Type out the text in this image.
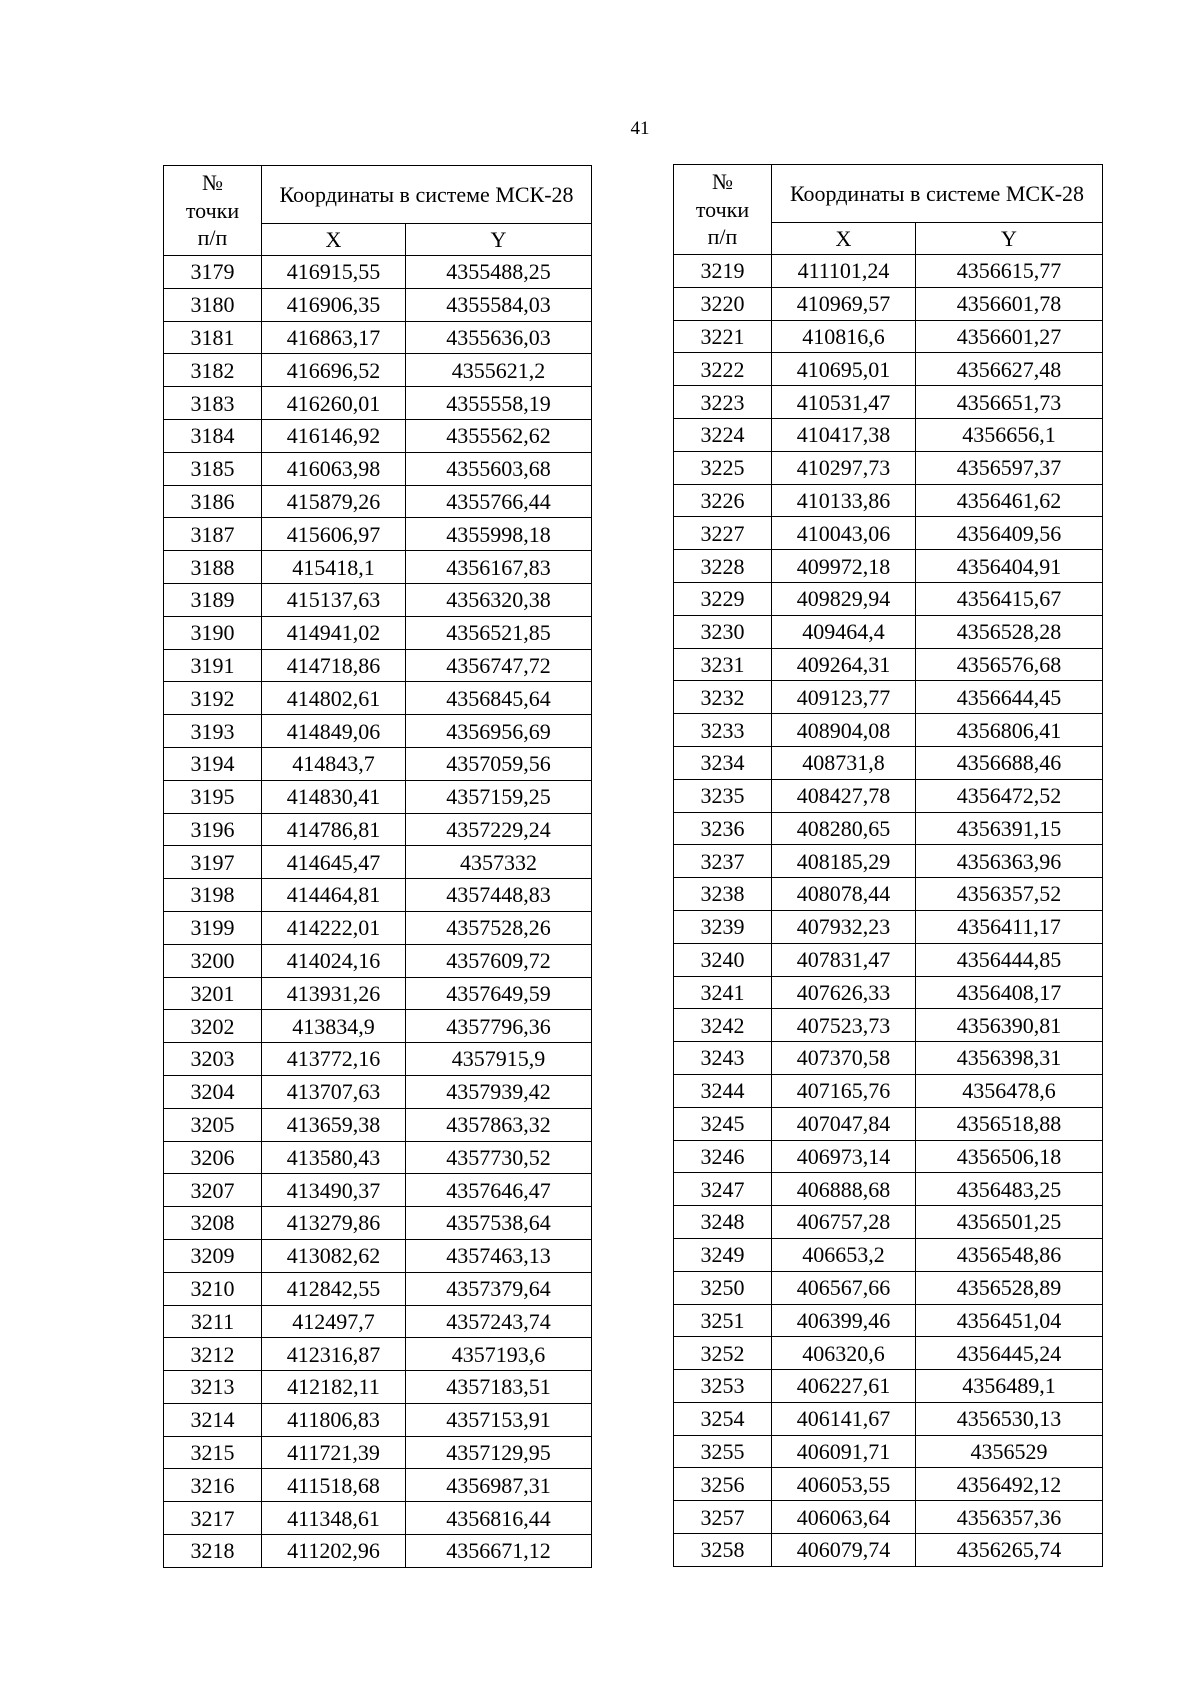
41
№
точки
п/п	Координаты в системе МСК-28	
	X	Y
3179	416915,55	4355488,25
3180	416906,35	4355584,03
3181	416863,17	4355636,03
3182	416696,52	4355621,2
3183	416260,01	4355558,19
3184	416146,92	4355562,62
3185	416063,98	4355603,68
3186	415879,26	4355766,44
3187	415606,97	4355998,18
3188	415418,1	4356167,83
3189	415137,63	4356320,38
3190	414941,02	4356521,85
3191	414718,86	4356747,72
3192	414802,61	4356845,64
3193	414849,06	4356956,69
3194	414843,7	4357059,56
3195	414830,41	4357159,25
3196	414786,81	4357229,24
3197	414645,47	4357332
3198	414464,81	4357448,83
3199	414222,01	4357528,26
3200	414024,16	4357609,72
3201	413931,26	4357649,59
3202	413834,9	4357796,36
3203	413772,16	4357915,9
3204	413707,63	4357939,42
3205	413659,38	4357863,32
3206	413580,43	4357730,52
3207	413490,37	4357646,47
3208	413279,86	4357538,64
3209	413082,62	4357463,13
3210	412842,55	4357379,64
3211	412497,7	4357243,74
3212	412316,87	4357193,6
3213	412182,11	4357183,51
3214	411806,83	4357153,91
3215	411721,39	4357129,95
3216	411518,68	4356987,31
3217	411348,61	4356816,44
3218	411202,96	4356671,12
№
точки
п/п	Координаты в системе МСК-28	
	X	Y
3219	411101,24	4356615,77
3220	410969,57	4356601,78
3221	410816,6	4356601,27
3222	410695,01	4356627,48
3223	410531,47	4356651,73
3224	410417,38	4356656,1
3225	410297,73	4356597,37
3226	410133,86	4356461,62
3227	410043,06	4356409,56
3228	409972,18	4356404,91
3229	409829,94	4356415,67
3230	409464,4	4356528,28
3231	409264,31	4356576,68
3232	409123,77	4356644,45
3233	408904,08	4356806,41
3234	408731,8	4356688,46
3235	408427,78	4356472,52
3236	408280,65	4356391,15
3237	408185,29	4356363,96
3238	408078,44	4356357,52
3239	407932,23	4356411,17
3240	407831,47	4356444,85
3241	407626,33	4356408,17
3242	407523,73	4356390,81
3243	407370,58	4356398,31
3244	407165,76	4356478,6
3245	407047,84	4356518,88
3246	406973,14	4356506,18
3247	406888,68	4356483,25
3248	406757,28	4356501,25
3249	406653,2	4356548,86
3250	406567,66	4356528,89
3251	406399,46	4356451,04
3252	406320,6	4356445,24
3253	406227,61	4356489,1
3254	406141,67	4356530,13
3255	406091,71	4356529
3256	406053,55	4356492,12
3257	406063,64	4356357,36
3258	406079,74	4356265,74
